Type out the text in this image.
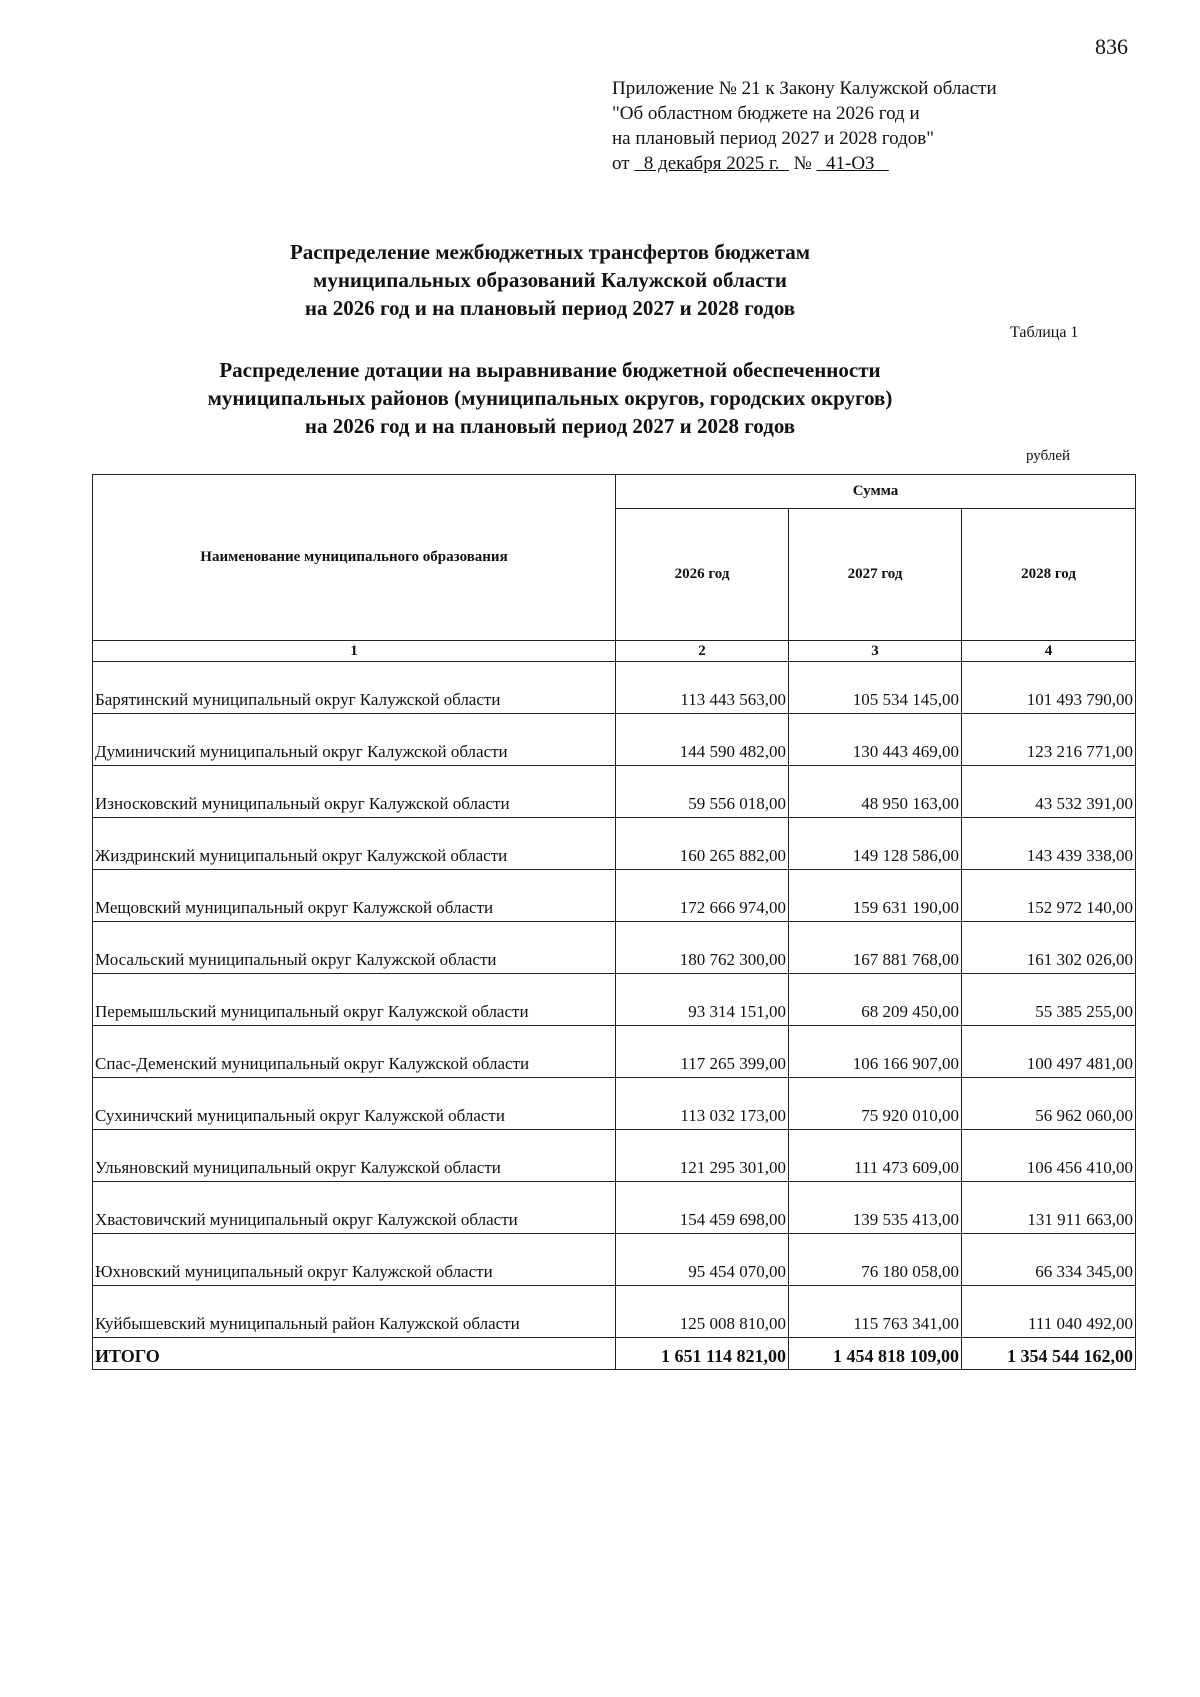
836
Приложение № 21 к Закону Калужской области
"Об областном бюджете на 2026 год и
на плановый период 2027 и 2028 годов"
от 8 декабря 2025 г. № 41-ОЗ
Распределение межбюджетных трансфертов бюджетам
муниципальных образований Калужской области
на 2026 год и на плановый период 2027 и 2028 годов
Таблица 1
Распределение дотации на выравнивание бюджетной обеспеченности
муниципальных районов (муниципальных округов, городских округов)
на 2026 год и на плановый период 2027 и 2028 годов
рублей
Наименование муниципального образования	Сумма		
	2026 год	2027 год	2028 год
1	2	3	4
Барятинский муниципальный округ Калужской области	113 443 563,00	105 534 145,00	101 493 790,00
Думиничский муниципальный округ Калужской области	144 590 482,00	130 443 469,00	123 216 771,00
Износковский муниципальный округ Калужской области	59 556 018,00	48 950 163,00	43 532 391,00
Жиздринский муниципальный округ Калужской области	160 265 882,00	149 128 586,00	143 439 338,00
Мещовский муниципальный округ Калужской области	172 666 974,00	159 631 190,00	152 972 140,00
Мосальский муниципальный округ Калужской области	180 762 300,00	167 881 768,00	161 302 026,00
Перемышльский муниципальный округ Калужской области	93 314 151,00	68 209 450,00	55 385 255,00
Спас-Деменский муниципальный округ Калужской области	117 265 399,00	106 166 907,00	100 497 481,00
Сухиничский муниципальный округ Калужской области	113 032 173,00	75 920 010,00	56 962 060,00
Ульяновский муниципальный округ Калужской области	121 295 301,00	111 473 609,00	106 456 410,00
Хвастовичский муниципальный округ Калужской области	154 459 698,00	139 535 413,00	131 911 663,00
Юхновский муниципальный округ Калужской области	95 454 070,00	76 180 058,00	66 334 345,00
Куйбышевский муниципальный район Калужской области	125 008 810,00	115 763 341,00	111 040 492,00
ИТОГО	1 651 114 821,00	1 454 818 109,00	1 354 544 162,00
